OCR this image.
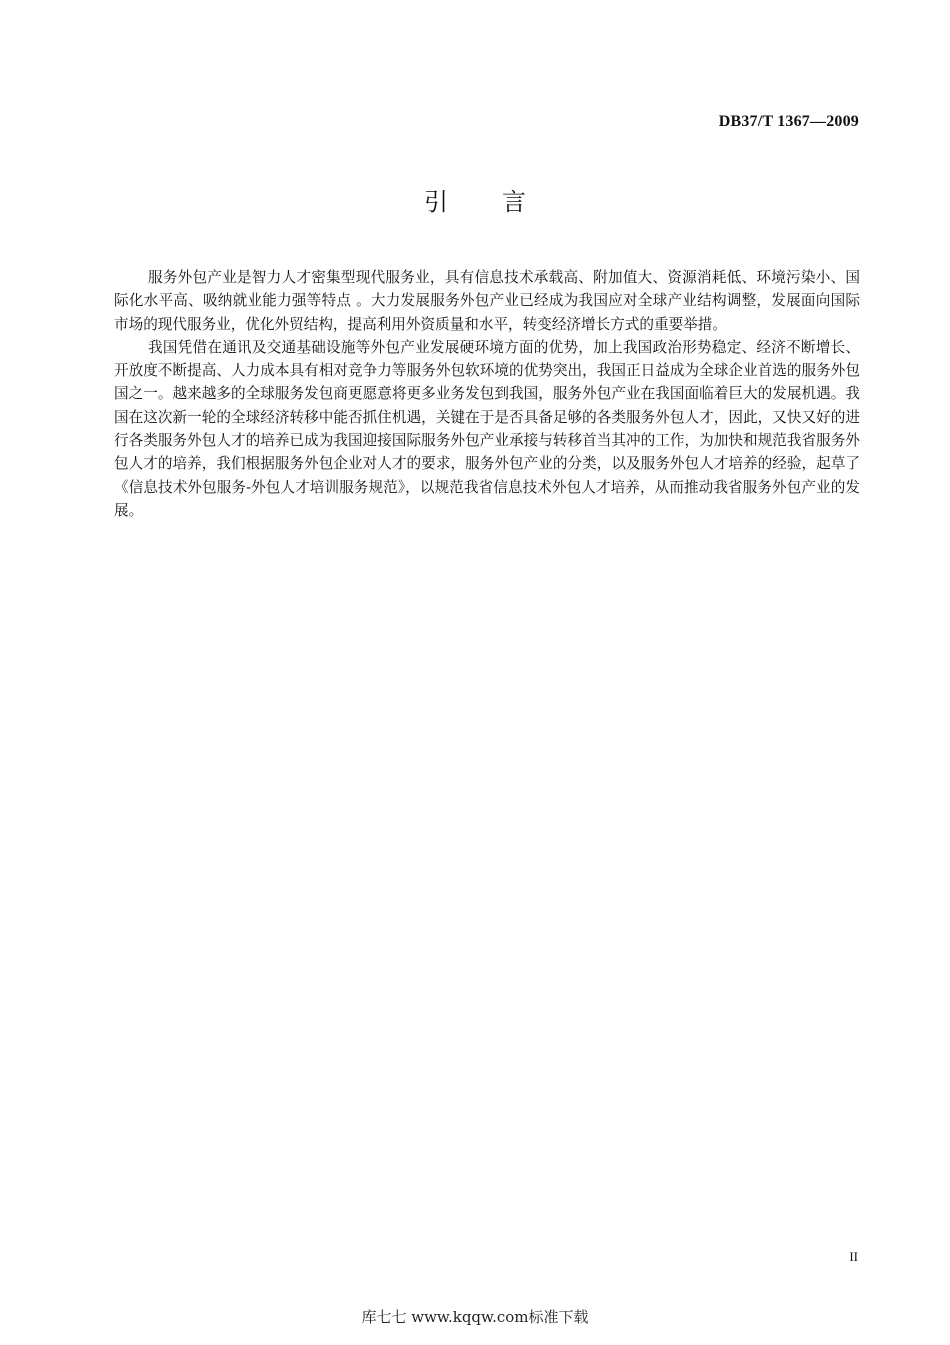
DB37/T 1367—2009
引言

服务外包产业是智力人才密集型现代服务业，具有信息技术承载高、附加值大、资源消耗低、环境污染小、国际化水平高、吸纳就业能力强等特点 。大力发展服务外包产业已经成为我国应对全球产业结构调整，发展面向国际市场的现代服务业，优化外贸结构，提高利用外资质量和水平，转变经济增长方式的重要举措。

我国凭借在通讯及交通基础设施等外包产业发展硬环境方面的优势，加上我国政治形势稳定、经济不断增长、开放度不断提高、人力成本具有相对竞争力等服务外包软环境的优势突出，我国正日益成为全球企业首选的服务外包国之一。越来越多的全球服务发包商更愿意将更多业务发包到我国，服务外包产业在我国面临着巨大的发展机遇。我国在这次新一轮的全球经济转移中能否抓住机遇，关键在于是否具备足够的各类服务外包人才，因此，又快又好的进行各类服务外包人才的培养已成为我国迎接国际服务外包产业承接与转移首当其冲的工作，为加快和规范我省服务外包人才的培养，我们根据服务外包企业对人才的要求，服务外包产业的分类，以及服务外包人才培养的经验，起草了《信息技术外包服务-外包人才培训服务规范》，以规范我省信息技术外包人才培养，从而推动我省服务外包产业的发展。

II
库七七 www.kqqw.com标准下载
